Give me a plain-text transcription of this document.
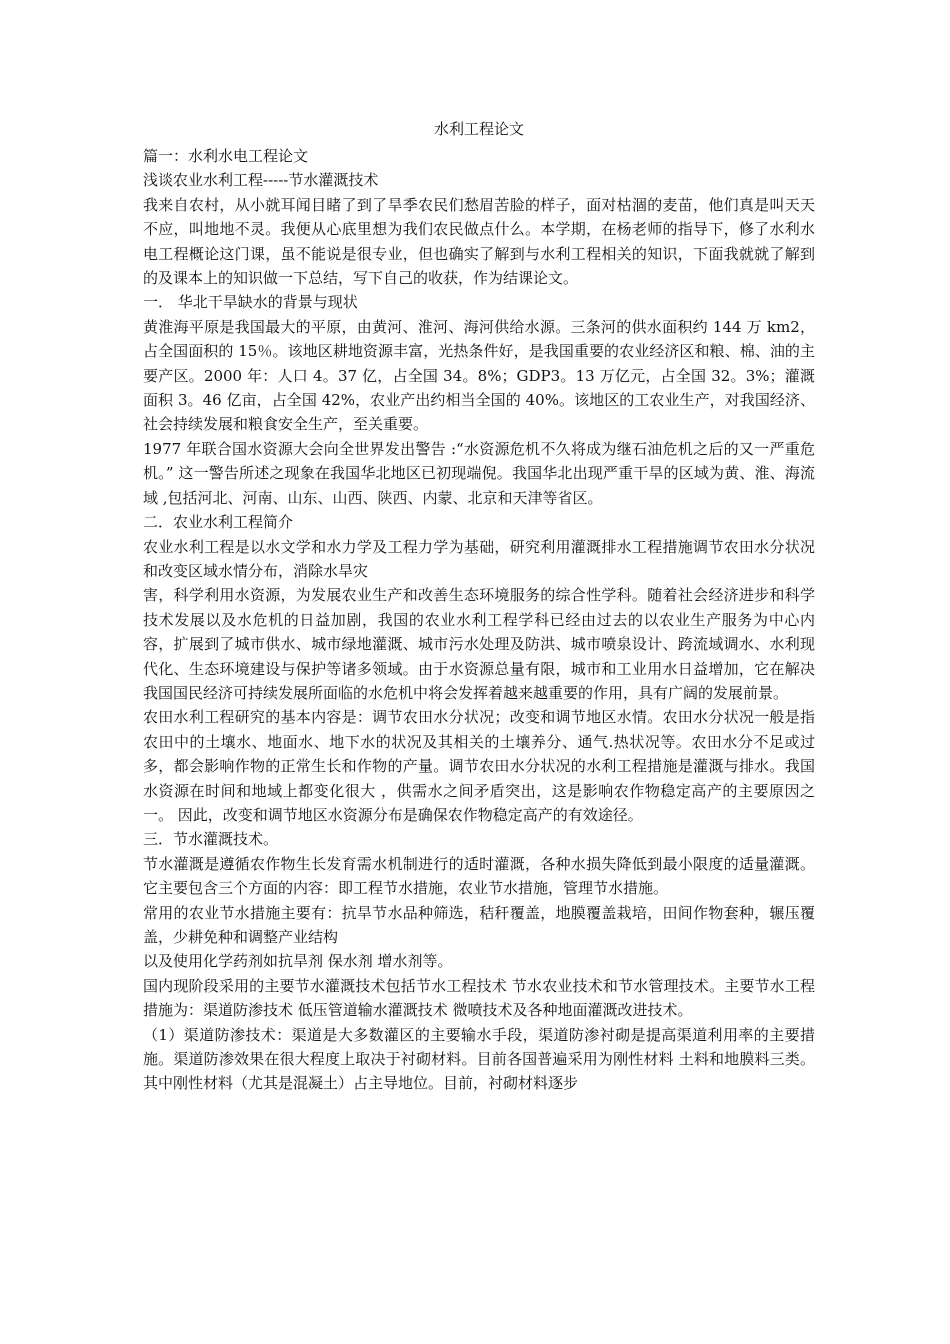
水利工程论文

篇一：水利水电工程论文

浅谈农业水利工程-----节水灌溉技术

我来自农村，从小就耳闻目睹了到了旱季农民们愁眉苦脸的样子，面对枯涸的麦苗，他们真是叫天天不应，叫地地不灵。我便从心底里想为我们农民做点什么。本学期，在杨老师的指导下，修了水利水电工程概论这门课，虽不能说是很专业，但也确实了解到与水利工程相关的知识，下面我就就了解到的及课本上的知识做一下总结，写下自己的收获，作为结课论文。

一． 华北干旱缺水的背景与现状

黄淮海平原是我国最大的平原，由黄河、淮河、海河供给水源。三条河的供水面积约 144 万 km2，占全国面积的 15％。该地区耕地资源丰富，光热条件好，是我国重要的农业经济区和粮、棉、油的主要产区。2000 年：人口 4。37 亿，占全国 34。8%；GDP3。13 万亿元，占全国 32。3%；灌溉面积 3。46 亿亩，占全国 42%，农业产出约相当全国的 40%。该地区的工农业生产，对我国经济、社会持续发展和粮食安全生产，至关重要。

1977 年联合国水资源大会向全世界发出警告 :“水资源危机不久将成为继石油危机之后的又一严重危机。” 这一警告所述之现象在我国华北地区已初现端倪。我国华北出现严重干旱的区域为黄、淮、海流域 ,包括河北、河南、山东、山西、陕西、内蒙、北京和天津等省区。

二．农业水利工程简介

农业水利工程是以水文学和水力学及工程力学为基础，研究利用灌溉排水工程措施调节农田水分状况和改变区域水情分布，消除水旱灾

害，科学利用水资源，为发展农业生产和改善生态环境服务的综合性学科。随着社会经济进步和科学技术发展以及水危机的日益加剧，我国的农业水利工程学科已经由过去的以农业生产服务为中心内容，扩展到了城市供水、城市绿地灌溉、城市污水处理及防洪、城市喷泉设计、跨流域调水、水利现代化、生态环境建设与保护等诸多领域。由于水资源总量有限，城市和工业用水日益增加，它在解决我国国民经济可持续发展所面临的水危机中将会发挥着越来越重要的作用，具有广阔的发展前景。

农田水利工程研究的基本内容是：调节农田水分状况；改变和调节地区水情。农田水分状况一般是指农田中的土壤水、地面水、地下水的状况及其相关的土壤养分、通气.热状况等。农田水分不足或过多，都会影响作物的正常生长和作物的产量。调节农田水分状况的水利工程措施是灌溉与排水。我国水资源在时间和地域上都变化很大 ，供需水之间矛盾突出，这是影响农作物稳定高产的主要原因之一。 因此，改变和调节地区水资源分布是确保农作物稳定高产的有效途径。

三．节水灌溉技术。

节水灌溉是遵循农作物生长发育需水机制进行的适时灌溉，各种水损失降低到最小限度的适量灌溉。它主要包含三个方面的内容：即工程节水措施，农业节水措施，管理节水措施。

常用的农业节水措施主要有：抗旱节水品种筛选，秸秆覆盖，地膜覆盖栽培，田间作物套种，辗压覆盖，少耕免种和调整产业结构

以及使用化学药剂如抗旱剂 保水剂 增水剂等。

国内现阶段采用的主要节水灌溉技术包括节水工程技术 节水农业技术和节水管理技术。主要节水工程措施为：渠道防渗技术 低压管道输水灌溉技术 微喷技术及各种地面灌溉改进技术。

（1）渠道防渗技术：渠道是大多数灌区的主要输水手段，渠道防渗衬砌是提高渠道利用率的主要措施。渠道防渗效果在很大程度上取决于衬砌材料。目前各国普遍采用为刚性材料 土料和地膜料三类。其中刚性材料（尤其是混凝土）占主导地位。目前，衬砌材料逐步
